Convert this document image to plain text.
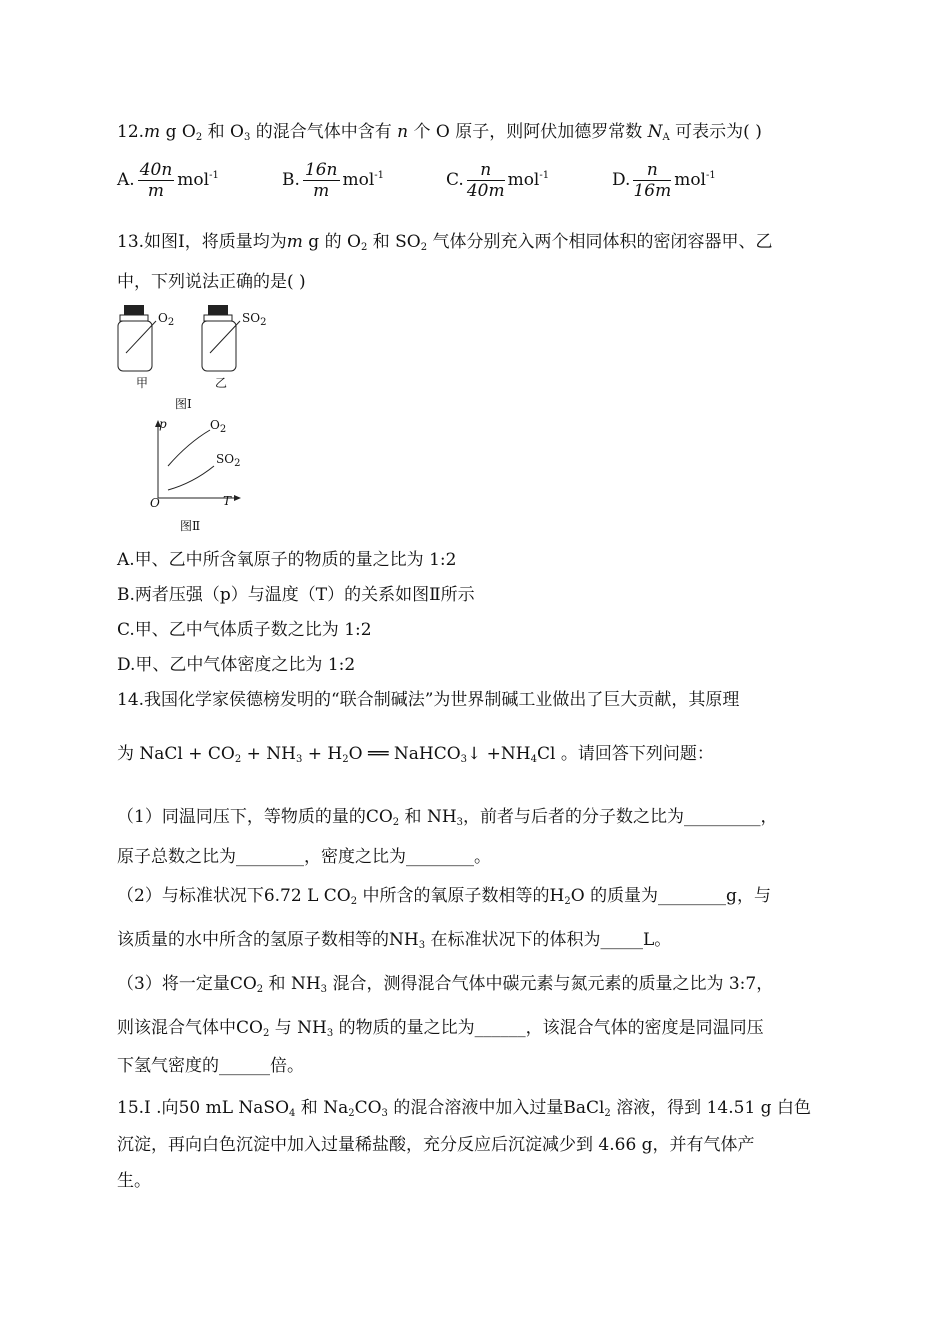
12.m g $O_2$ 和 $O_3$ 的混合气体中含有 n 个 O 原子，则阿伏加德罗常数 $N_A$ 可表示为( )
A. $\frac{40n}{m} mol^{-1}$	B. $\frac{16n}{m} mol^{-1}$	C. $\frac{n}{40m} mol^{-1}$	D. $\frac{n}{16m} mol^{-1}$
13.如图Ⅰ，将质量均为m g 的 $O_2$ 和 $SO_2$ 气体分别充入两个相同体积的密闭容器甲、乙
中，下列说法正确的是( )
$O_2$	$SO_2$
甲	乙
图Ⅰ
p	$O_2$
$SO_2$
O	T
图Ⅱ
A.甲、乙中所含氧原子的物质的量之比为 1:2
B.两者压强（p）与温度（T）的关系如图Ⅱ所示
C.甲、乙中气体质子数之比为 1:2
D.甲、乙中气体密度之比为 1:2
14.我国化学家侯德榜发明的“联合制碱法”为世界制碱工业做出了巨大贡献，其原理
为 NaCl + $CO_2 + NH_3 + H_2O$ ══ NaHCO$_3$↓ $+NH_4Cl$ 。请回答下列问题：
（1）同温同压下，等物质的量的$CO_2$ 和 $NH_3$，前者与后者的分子数之比为_________，
原子总数之比为________，密度之比为________。
（2）与标准状况下6.72 L $CO_2$ 中所含的氧原子数相等的$H_2O$ 的质量为________g，与
该质量的水中所含的氢原子数相等的$NH_3$ 在标准状况下的体积为_____L。
（3）将一定量$CO_2$ 和 $NH_3$ 混合，测得混合气体中碳元素与氮元素的质量之比为 3:7，
则该混合气体中$CO_2$ 与 $NH_3$ 的物质的量之比为______，该混合气体的密度是同温同压
下氢气密度的______倍。
15.Ⅰ .向50 mL NaSO$_4$ 和 $Na_2CO_3$ 的混合溶液中加入过量BaCl$_2$ 溶液，得到 14.51 g 白色
沉淀，再向白色沉淀中加入过量稀盐酸，充分反应后沉淀减少到 4.66 g，并有气体产
生。
